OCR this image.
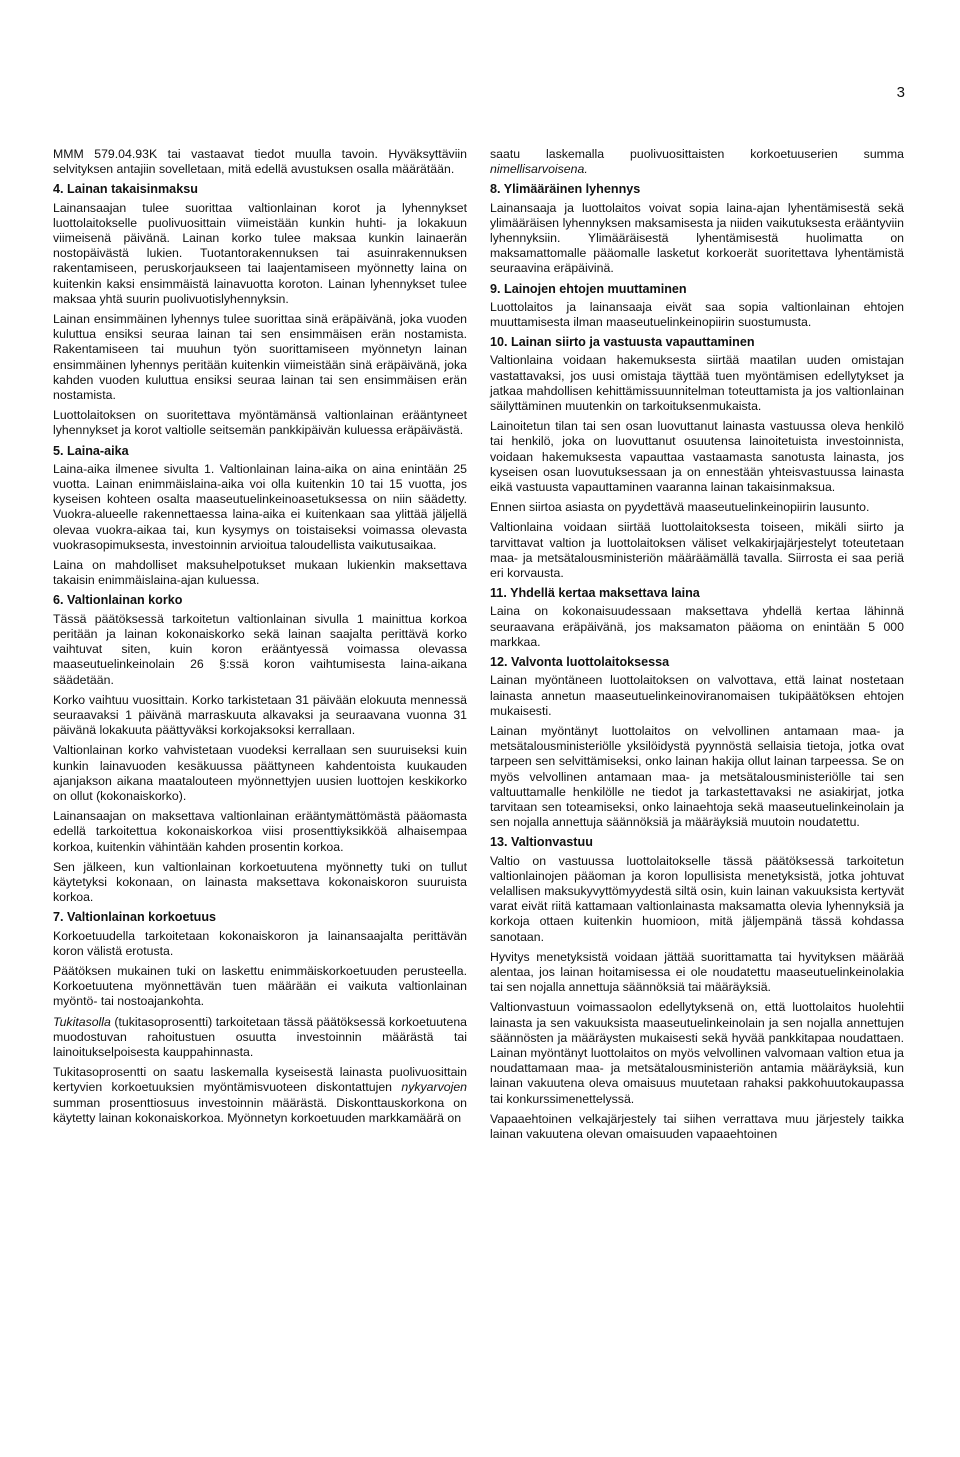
3

MMM 579.04.93K tai vastaavat tiedot muulla tavoin. Hyväksyttäviin selvityksen antajiin sovelletaan, mitä edellä avustuksen osalla määrätään.

4. Lainan takaisinmaksu

Lainansaajan tulee suorittaa valtionlainan korot ja lyhennykset luottolaitokselle puolivuosittain viimeistään kunkin huhti- ja lokakuun viimeisenä päivänä. Lainan korko tulee maksaa kunkin lainaerän nostopäivästä lukien. Tuotantorakennuksen tai asuinrakennuksen rakentamiseen, peruskorjaukseen tai laajentamiseen myönnetty laina on kuitenkin kaksi ensimmäistä lainavuotta koroton. Lainan lyhennykset tulee maksaa yhtä suurin puolivuotislyhennyksin.

Lainan ensimmäinen lyhennys tulee suorittaa sinä eräpäivänä, joka vuoden kuluttua ensiksi seuraa lainan tai sen ensimmäisen erän nostamista. Rakentamiseen tai muuhun työn suorittamiseen myönnetyn lainan ensimmäinen lyhennys peritään kuitenkin viimeistään sinä eräpäivänä, joka kahden vuoden kuluttua ensiksi seuraa lainan tai sen ensimmäisen erän nostamista.

Luottolaitoksen on suoritettava myöntämänsä valtionlainan erääntyneet lyhennykset ja korot valtiolle seitsemän pankkipäivän kuluessa eräpäivästä.

5. Laina-aika

Laina-aika ilmenee sivulta 1. Valtionlainan laina-aika on aina enintään 25 vuotta. Lainan enimmäislaina-aika voi olla kuitenkin 10 tai 15 vuotta, jos kyseisen kohteen osalta maaseutuelinkeinoasetuksessa on niin säädetty. Vuokra-alueelle rakennettaessa laina-aika ei kuitenkaan saa ylittää jäljellä olevaa vuokra-aikaa tai, kun kysymys on toistaiseksi voimassa olevasta vuokrasopimuksesta, investoinnin arvioitua taloudellista vaikutusaikaa.

Laina on mahdolliset maksuhelpotukset mukaan lukienkin maksettava takaisin enimmäislaina-ajan kuluessa.

6. Valtionlainan korko

Tässä päätöksessä tarkoitetun valtionlainan sivulla 1 mainittua korkoa peritään ja lainan kokonaiskorko sekä lainan saajalta perittävä korko vaihtuvat siten, kuin koron erääntyessä voimassa olevassa maaseutuelinkeinolain 26 §:ssä koron vaihtumisesta laina-aikana säädetään.

Korko vaihtuu vuosittain. Korko tarkistetaan 31 päivään elokuuta mennessä seuraavaksi 1 päivänä marraskuuta alkavaksi ja seuraavana vuonna 31 päivänä lokakuuta päättyväksi korkojaksoksi kerrallaan.

Valtionlainan korko vahvistetaan vuodeksi kerrallaan sen suuruiseksi kuin kunkin lainavuoden kesäkuussa päättyneen kahdentoista kuukauden ajanjakson aikana maatalouteen myönnettyjen uusien luottojen keskikorko on ollut (kokonaiskorko).

Lainansaajan on maksettava valtionlainan erääntymättömästä pääomasta edellä tarkoitettua kokonaiskorkoa viisi prosenttiyksikköä alhaisempaa korkoa, kuitenkin vähintään kahden prosentin korkoa.

Sen jälkeen, kun valtionlainan korkoetuutena myönnetty tuki on tullut käytetyksi kokonaan, on lainasta maksettava kokonaiskoron suuruista korkoa.

7. Valtionlainan korkoetuus

Korkoetuudella tarkoitetaan kokonaiskoron ja lainansaajalta perittävän koron välistä erotusta.

Päätöksen mukainen tuki on laskettu enimmäiskorkoetuuden perusteella. Korkoetuutena myönnettävän tuen määrään ei vaikuta valtionlainan myöntö- tai nostoajankohta.

Tukitasolla (tukitasoprosentti) tarkoitetaan tässä päätöksessä korkoetuutena muodostuvan rahoitustuen osuutta investoinnin määrästä tai lainoitukselpoisesta kauppahinnasta.

Tukitasoprosentti on saatu laskemalla kyseisestä lainasta puolivuosittain kertyvien korkoetuuksien myöntämisvuoteen diskontattujen nykyarvojen summan prosenttiosuus investoinnin määrästä. Diskonttauskorkona on käytetty lainan kokonaiskorkoa. Myönnetyn korkoetuuden markkamäärä on

saatu laskemalla puolivuosittaisten korkoetuuserien summa nimellisarvoisena.

8. Ylimääräinen lyhennys

Lainansaaja ja luottolaitos voivat sopia laina-ajan lyhentämisestä sekä ylimääräisen lyhennyksen maksamisesta ja niiden vaikutuksesta erääntyviin lyhennyksiin. Ylimääräisestä lyhentämisestä huolimatta on maksamattomalle pääomalle lasketut korkoerät suoritettava lyhentämistä seuraavina eräpäivinä.

9. Lainojen ehtojen muuttaminen

Luottolaitos ja lainansaaja eivät saa sopia valtionlainan ehtojen muuttamisesta ilman maaseutuelinkeinopiirin suostumusta.

10. Lainan siirto ja vastuusta vapauttaminen

Valtionlaina voidaan hakemuksesta siirtää maatilan uuden omistajan vastattavaksi, jos uusi omistaja täyttää tuen myöntämisen edellytykset ja jatkaa mahdollisen kehittämissuunnitelman toteuttamista ja jos valtionlainan säilyttäminen muutenkin on tarkoituksenmukaista.

Lainoitetun tilan tai sen osan luovuttanut lainasta vastuussa oleva henkilö tai henkilö, joka on luovuttanut osuutensa lainoitetuista investoinnista, voidaan hakemuksesta vapauttaa vastaamasta sanotusta lainasta, jos kyseisen osan luovutuksessaan ja on ennestään yhteisvastuussa lainasta eikä vastuusta vapauttaminen vaaranna lainan takaisinmaksua.

Ennen siirtoa asiasta on pyydettävä maaseutuelinkeinopiirin lausunto.

Valtionlaina voidaan siirtää luottolaitoksesta toiseen, mikäli siirto ja tarvittavat valtion ja luottolaitoksen väliset velkakirjajärjestelyt toteutetaan maa- ja metsätalousministeriön määräämällä tavalla. Siirrosta ei saa periä eri korvausta.

11. Yhdellä kertaa maksettava laina

Laina on kokonaisuudessaan maksettava yhdellä kertaa lähinnä seuraavana eräpäivänä, jos maksamaton pääoma on enintään 5 000 markkaa.

12. Valvonta luottolaitoksessa

Lainan myöntäneen luottolaitoksen on valvottava, että lainat nostetaan lainasta annetun maaseutuelinkeinoviranomaisen tukipäätöksen ehtojen mukaisesti.

Lainan myöntänyt luottolaitos on velvollinen antamaan maa- ja metsätalousministeriölle yksilöidystä pyynnöstä sellaisia tietoja, jotka ovat tarpeen sen selvittämiseksi, onko lainan hakija ollut lainan tarpeessa. Se on myös velvollinen antamaan maa- ja metsätalousministeriölle tai sen valtuuttamalle henkilölle ne tiedot ja tarkastettavaksi ne asiakirjat, jotka tarvitaan sen toteamiseksi, onko lainaehtoja sekä maaseutuelinkeinolain ja sen nojalla annettuja säännöksiä ja määräyksiä muutoin noudatettu.

13. Valtionvastuu

Valtio on vastuussa luottolaitokselle tässä päätöksessä tarkoitetun valtionlainojen pääoman ja koron lopullisista menetyksistä, jotka johtuvat velallisen maksukyvyttömyydestä siltä osin, kuin lainan vakuuksista kertyvät varat eivät riitä kattamaan valtionlainasta maksamatta olevia lyhennyksiä ja korkoja ottaen kuitenkin huomioon, mitä jäljempänä tässä kohdassa sanotaan.

Hyvitys menetyksistä voidaan jättää suorittamatta tai hyvityksen määrää alentaa, jos lainan hoitamisessa ei ole noudatettu maaseutuelinkeinolakia tai sen nojalla annettuja säännöksiä tai määräyksiä.

Valtionvastuun voimassaolon edellytyksenä on, että luottolaitos huolehtii lainasta ja sen vakuuksista maaseutuelinkeinolain ja sen nojalla annettujen säännösten ja määräysten mukaisesti sekä hyvää pankkitapaa noudattaen. Lainan myöntänyt luottolaitos on myös velvollinen valvomaan valtion etua ja noudattamaan maa- ja metsätalousministeriön antamia määräyksiä, kun lainan vakuutena oleva omaisuus muutetaan rahaksi pakkohuutokaupassa tai konkurssimenettelyssä.

Vapaaehtoinen velkajärjestely tai siihen verrattava muu järjestely taikka lainan vakuutena olevan omaisuuden vapaaehtoinen
